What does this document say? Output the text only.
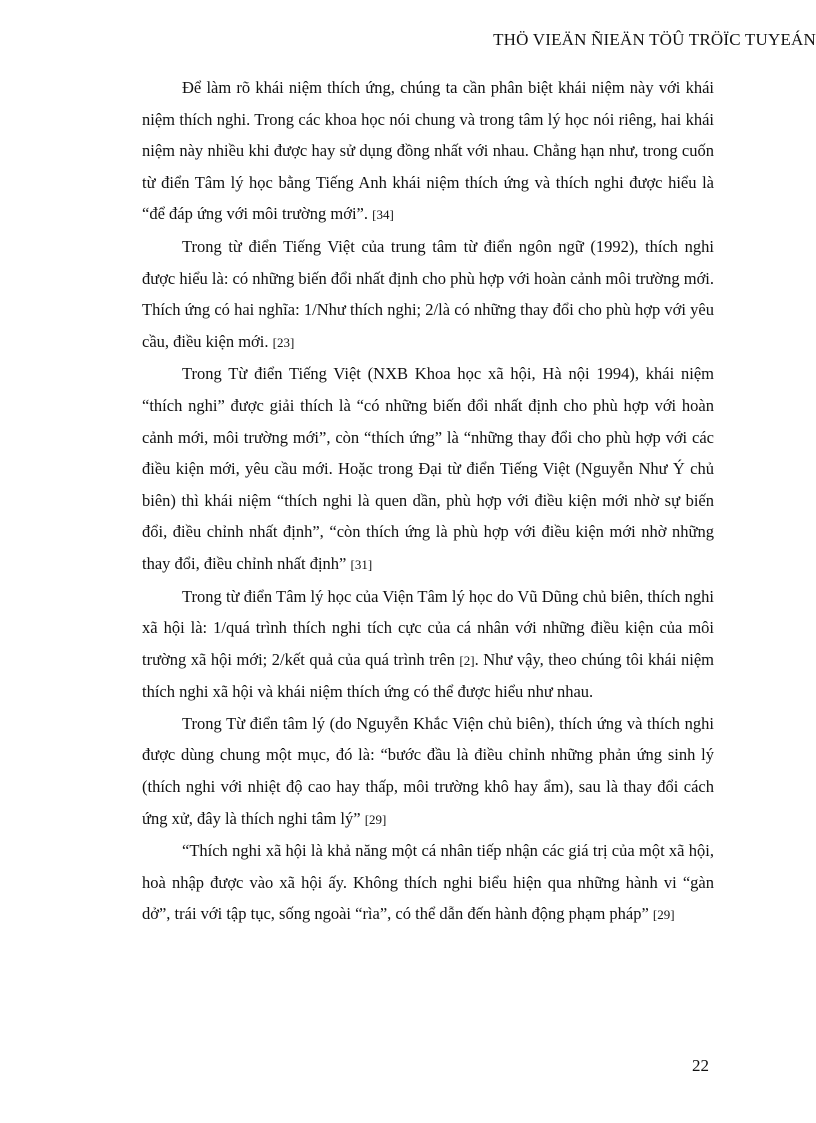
THÖ VIEÄN ÑIEÄN TÖÛ TRÖÏC TUYEÁN

Để làm rõ khái niệm thích ứng, chúng ta cần phân biệt khái niệm này với khái niệm thích nghi. Trong các khoa học nói chung và trong tâm lý học nói riêng, hai khái niệm này nhiều khi được hay sử dụng đồng nhất với nhau. Chẳng hạn như, trong cuốn từ điển Tâm lý học bằng Tiếng Anh khái niệm thích ứng và thích nghi được hiểu là “để đáp ứng với môi trường mới”. [34]

Trong từ điển Tiếng Việt của trung tâm từ điển ngôn ngữ (1992), thích nghi được hiểu là: có những biến đổi nhất định cho phù hợp với hoàn cảnh môi trường mới. Thích ứng có hai nghĩa: 1/Như thích nghi; 2/là có những thay đổi cho phù hợp với yêu cầu, điều kiện mới. [23]

Trong Từ điển Tiếng Việt (NXB Khoa học xã hội, Hà nội 1994), khái niệm “thích nghi” được giải thích là “có những biến đổi nhất định cho phù hợp với hoàn cảnh mới, môi trường mới”, còn “thích ứng” là “những thay đổi cho phù hợp với các điều kiện mới, yêu cầu mới. Hoặc trong Đại từ điển Tiếng Việt (Nguyễn Như Ý chủ biên) thì khái niệm “thích nghi là quen dần, phù hợp với điều kiện mới nhờ sự biến đổi, điều chỉnh nhất định”, “còn thích ứng là phù hợp với điều kiện mới nhờ những thay đổi, điều chỉnh nhất định” [31]

Trong từ điển Tâm lý học của Viện Tâm lý học do Vũ Dũng chủ biên, thích nghi xã hội là: 1/quá trình thích nghi tích cực của cá nhân với những điều kiện của môi trường xã hội mới; 2/kết quả của quá trình trên [2]. Như vậy, theo chúng tôi khái niệm thích nghi xã hội và khái niệm thích ứng có thể được hiểu như nhau.

Trong Từ điển tâm lý (do Nguyễn Khắc Viện chủ biên), thích ứng và thích nghi được dùng chung một mục, đó là: “bước đầu là điều chỉnh những phản ứng sinh lý (thích nghi với nhiệt độ cao hay thấp, môi trường khô hay ẩm), sau là thay đổi cách ứng xử, đây là thích nghi tâm lý” [29]

“Thích nghi xã hội là khả năng một cá nhân tiếp nhận các giá trị của một xã hội, hoà nhập được vào xã hội ấy. Không thích nghi biểu hiện qua những hành vi “gàn dở”, trái với tập tục, sống ngoài “rìa”, có thể dẫn đến hành động phạm pháp” [29]

22
